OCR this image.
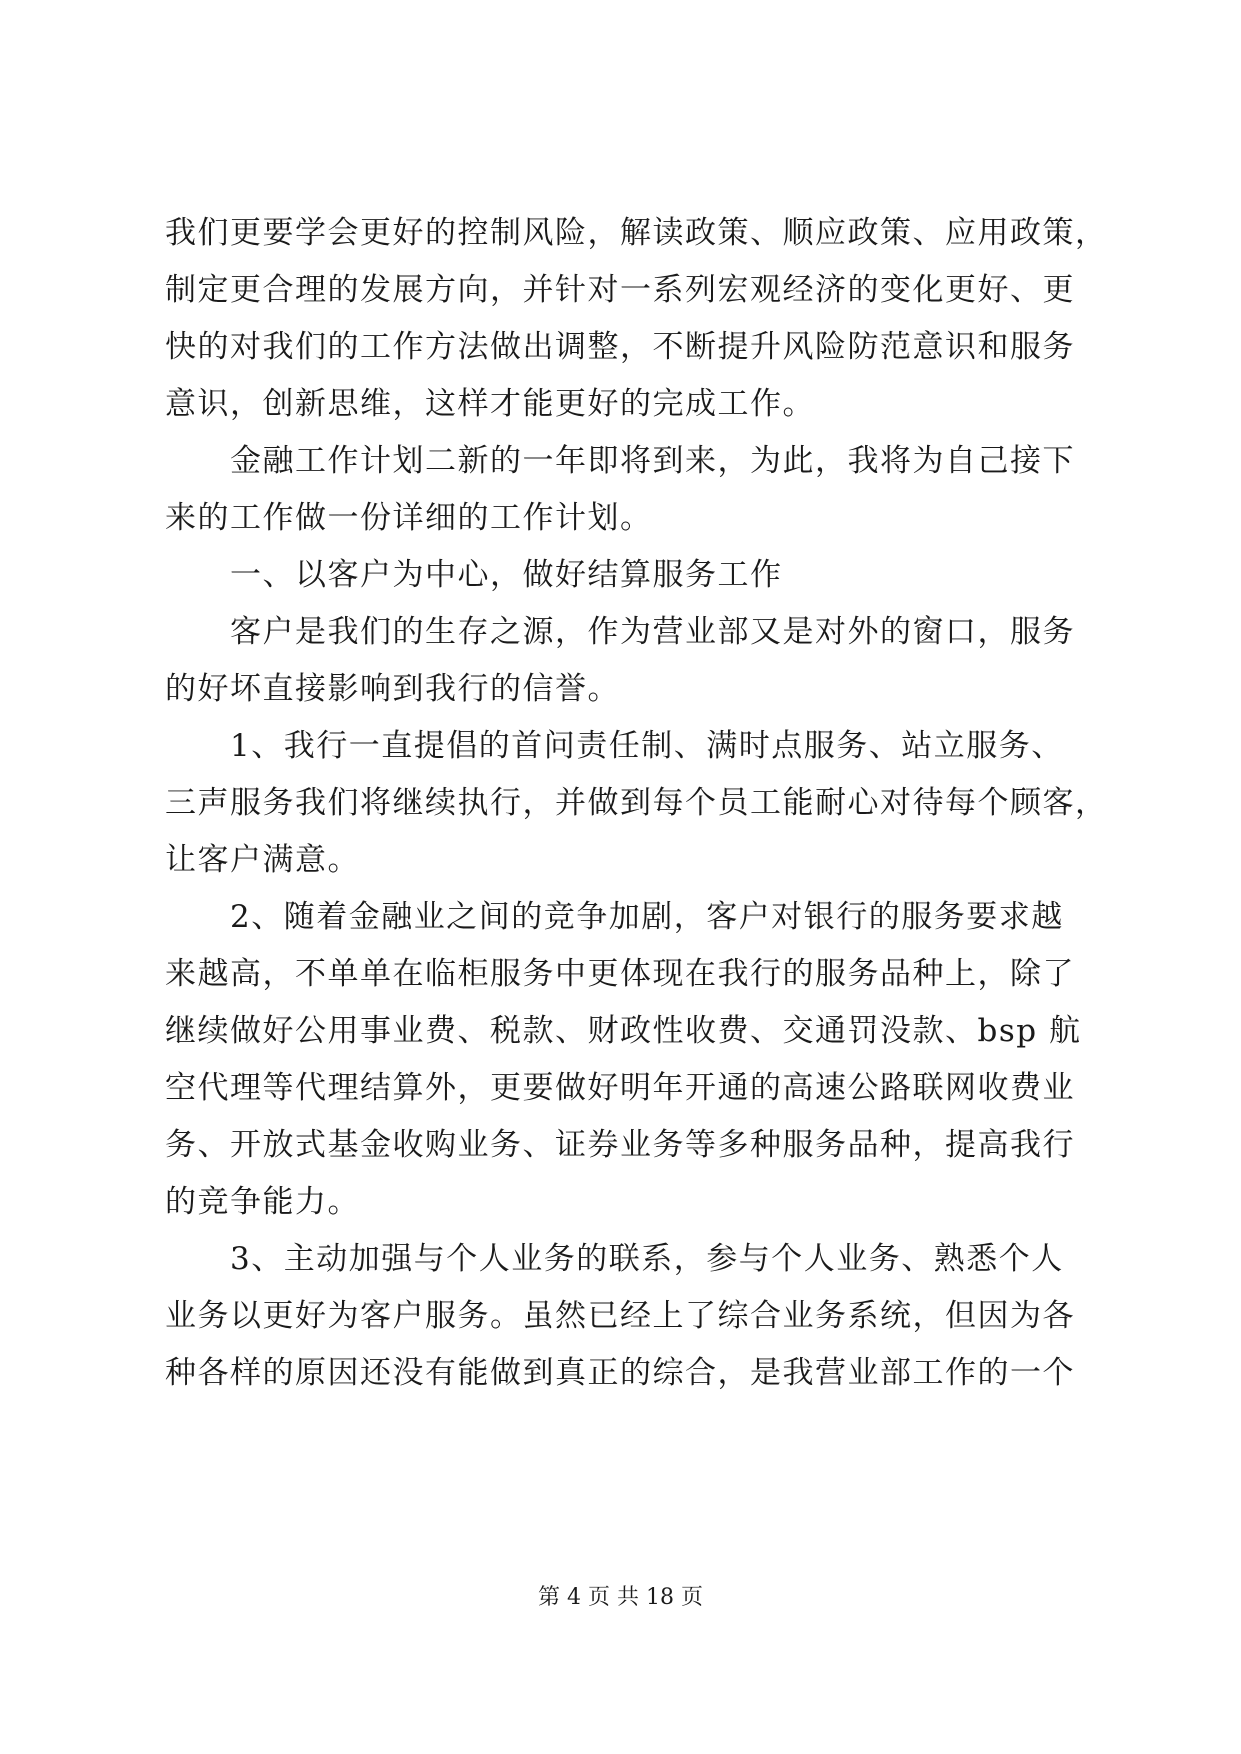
我们更要学会更好的控制风险，解读政策、顺应政策、应用政策，
制定更合理的发展方向，并针对一系列宏观经济的变化更好、更
快的对我们的工作方法做出调整，不断提升风险防范意识和服务
意识，创新思维，这样才能更好的完成工作。
金融工作计划二新的一年即将到来，为此，我将为自己接下
来的工作做一份详细的工作计划。
一、以客户为中心，做好结算服务工作
客户是我们的生存之源，作为营业部又是对外的窗口，服务
的好坏直接影响到我行的信誉。
1、我行一直提倡的首问责任制、满时点服务、站立服务、
三声服务我们将继续执行，并做到每个员工能耐心对待每个顾客，
让客户满意。
2、随着金融业之间的竞争加剧，客户对银行的服务要求越
来越高，不单单在临柜服务中更体现在我行的服务品种上，除了
继续做好公用事业费、税款、财政性收费、交通罚没款、bsp 航
空代理等代理结算外，更要做好明年开通的高速公路联网收费业
务、开放式基金收购业务、证券业务等多种服务品种，提高我行
的竞争能力。
3、主动加强与个人业务的联系，参与个人业务、熟悉个人
业务以更好为客户服务。虽然已经上了综合业务系统，但因为各
种各样的原因还没有能做到真正的综合，是我营业部工作的一个
第 4 页 共 18 页
